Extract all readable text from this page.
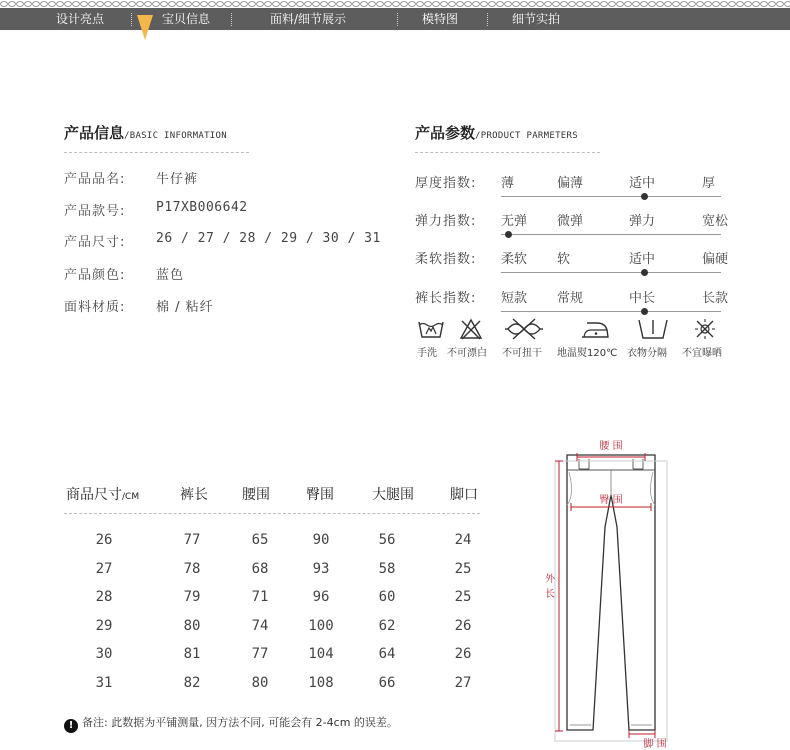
设计亮点	宝贝信息	面料/细节展示	模特图	细节实拍
产品信息/BASIC INFORMATION
产品品名: 牛仔裤
产品款号: P17XB006642
产品尺寸: 26 / 27 / 28 / 29 / 30 / 31
产品颜色: 蓝色
面料材质: 棉 / 粘纤
产品参数/PRODUCT PARMETERS
厚度指数: 薄	偏薄	适中	厚
弹力指数: 无弹 微弹	弹力	宽松
柔软指数: 柔软 软	适中	偏硬
裤长指数: 短款 常规	中长	长款
手洗 不可漂白 不可扭干 地温熨120℃ 衣物分隔 不宜曝晒
商品尺寸/CM	裤长 腰围	臀围	大腿围	脚口
26	77	65	90	56	24
27	78	68	93	58	25
28	79	71	96	60	25
29	80	74	100	62	26
30	81	77	104	64	26
31	82	80	108	66	27
! 备注: 此数据为平铺测量, 因方法不同, 可能会有 2-4cm 的误差。
腰 围
臀 围
外
长
脚 围
